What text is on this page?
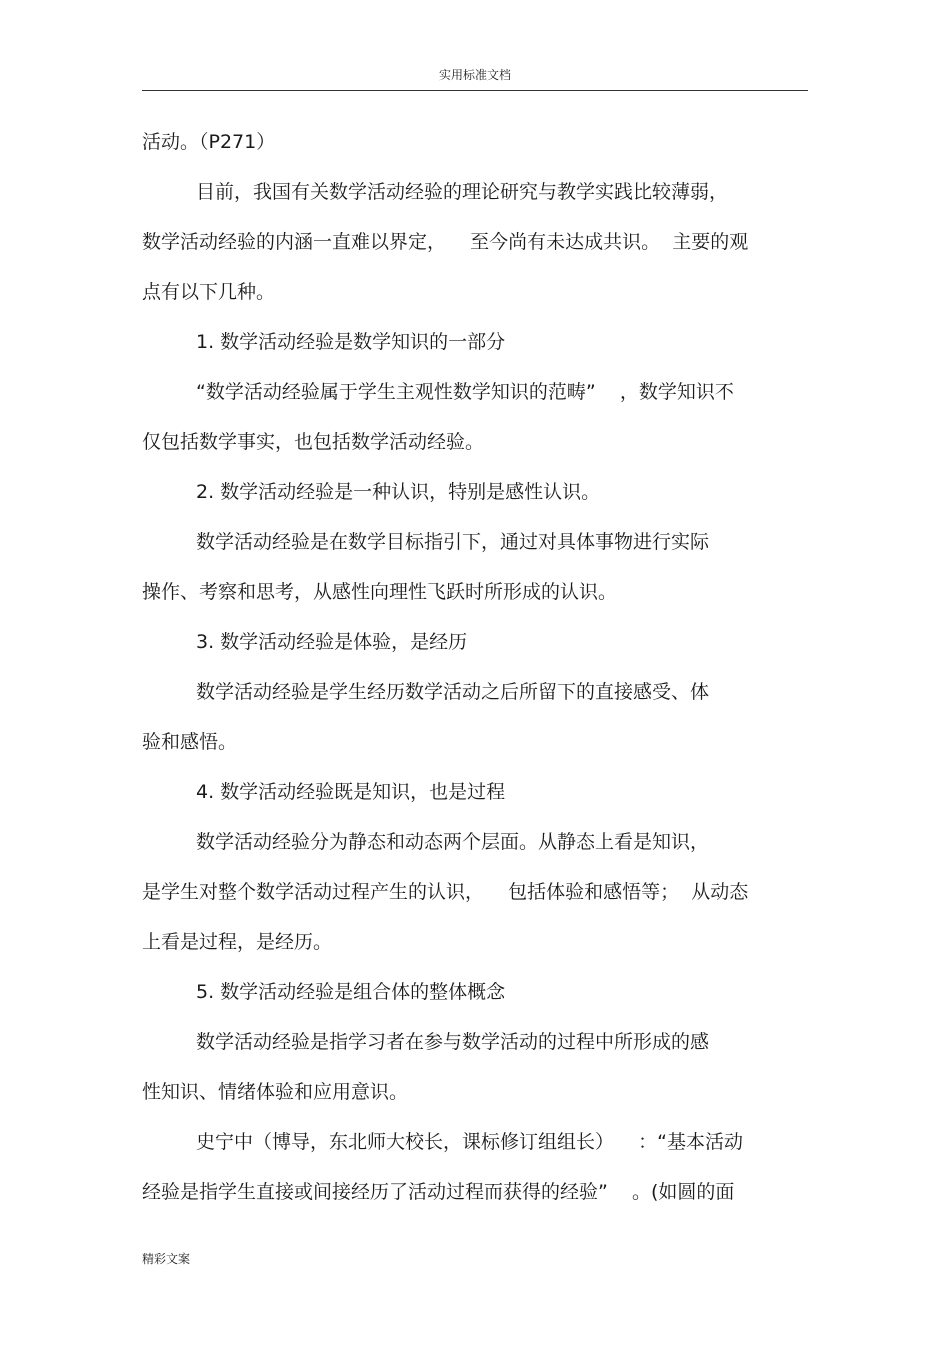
实用标准文档
活动。（P271）
目前，我国有关数学活动经验的理论研究与教学实践比较薄弱，
数学活动经验的内涵一直难以界定，    至今尚有未达成共识。  主要的观
点有以下几种。
1. 数学活动经验是数学知识的一部分
“数学活动经验属于学生主观性数学知识的范畴”    ，数学知识不
仅包括数学事实，也包括数学活动经验。
2. 数学活动经验是一种认识，特别是感性认识。
数学活动经验是在数学目标指引下，通过对具体事物进行实际
操作、考察和思考，从感性向理性飞跃时所形成的认识。
3. 数学活动经验是体验，是经历
数学活动经验是学生经历数学活动之后所留下的直接感受、体
验和感悟。
4. 数学活动经验既是知识，也是过程
数学活动经验分为静态和动态两个层面。从静态上看是知识，
是学生对整个数学活动过程产生的认识，    包括体验和感悟等；  从动态
上看是过程，是经历。
5. 数学活动经验是组合体的整体概念
数学活动经验是指学习者在参与数学活动的过程中所形成的感
性知识、情绪体验和应用意识。
史宁中（博导，东北师大校长，课标修订组组长）    ：“基本活动
经验是指学生直接或间接经历了活动过程而获得的经验”    。(如圆的面
精彩文案
